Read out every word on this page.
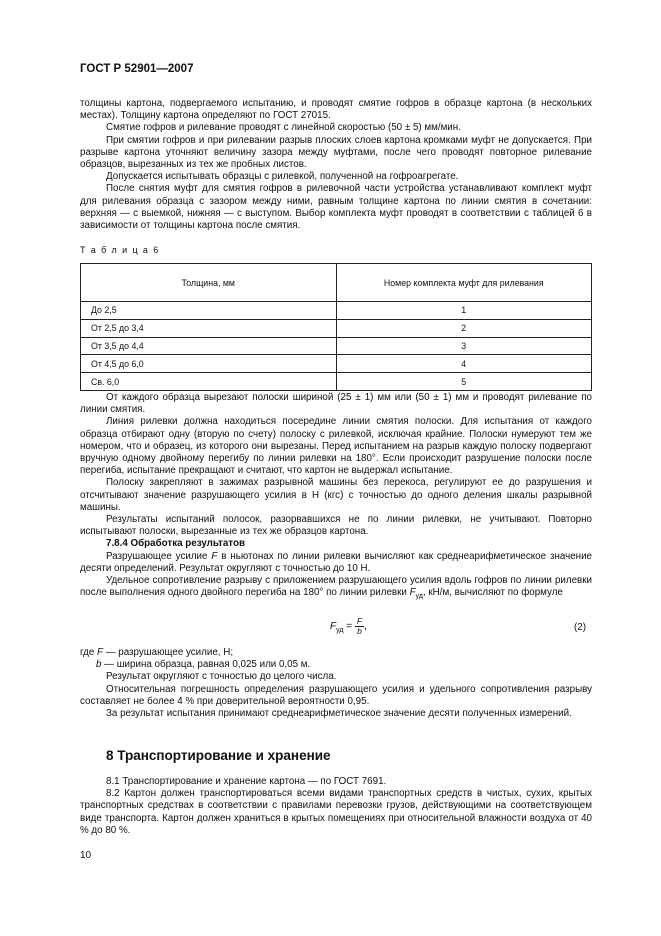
ГОСТ Р 52901—2007

толщины картона, подвергаемого испытанию, и проводят смятие гофров в образце картона (в нескольких местах). Толщину картона определяют по ГОСТ 27015.

Смятие гофров и рилевание проводят с линейной скоростью (50 ± 5) мм/мин.

При смятии гофров и при рилевании разрыв плоских слоев картона кромками муфт не допускается. При разрыве картона уточняют величину зазора между муфтами, после чего проводят повторное рилевание образцов, вырезанных из тех же пробных листов.

Допускается испытывать образцы с рилевкой, полученной на гофроагрегате.

После снятия муфт для смятия гофров в рилевочной части устройства устанавливают комплект муфт для рилевания образца с зазором между ними, равным толщине картона по линии смятия в сочетании: верхняя — с выемкой, нижняя — с выступом. Выбор комплекта муфт проводят в соответствии с таблицей 6 в зависимости от толщины картона после смятия.

Т а б л и ц а 6
Толщина, мм	Номер комплекта муфт для рилевания
До 2,5	1
От 2,5 до 3,4	2
От 3,5 до 4,4	3
От 4,5 до 6,0	4
Св. 6,0	5

От каждого образца вырезают полоски шириной (25 ± 1) мм или (50 ± 1) мм и проводят рилевание по линии смятия.

Линия рилевки должна находиться посередине линии смятия полоски. Для испытания от каждого образца отбирают одну (вторую по счету) полоску с рилевкой, исключая крайние. Полоски нумеруют тем же номером, что и образец, из которого они вырезаны. Перед испытанием на разрыв каждую полоску подвергают вручную одному двойному перегибу по линии рилевки на 180°. Если происходит разрушение полоски после перегиба, испытание прекращают и считают, что картон не выдержал испытание.

Полоску закрепляют в зажимах разрывной машины без перекоса, регулируют ее до разрушения и отсчитывают значение разрушающего усилия в Н (кгс) с точностью до одного деления шкалы разрывной машины.

Результаты испытаний полосок, разорвавшихся не по линии рилевки, не учитывают. Повторно испытывают полоски, вырезанные из тех же образцов картона.

7.8.4 Обработка результатов

Разрушающее усилие F в ньютонах по линии рилевки вычисляют как среднеарифметическое значение десяти определений. Результат округляют с точностью до 10 Н.

Удельное сопротивление разрыву с приложением разрушающего усилия вдоль гофров по линии рилевки после выполнения одного двойного перегиба на 180° по линии рилевки $F_{уд}$, кН/м, вычисляют по формуле

$F_{уд} = \frac{F}{b}$ ,	(2)

где F — разрушающее усилие, Н;

b — ширина образца, равная 0,025 или 0,05 м.

Результат округляют с точностью до целого числа.

Относительная погрешность определения разрушающего усилия и удельного сопротивления разрыву составляет не более 4 % при доверительной вероятности 0,95.

За результат испытания принимают среднеарифметическое значение десяти полученных измерений.

8 Транспортирование и хранение

8.1 Транспортирование и хранение картона — по ГОСТ 7691.

8.2 Картон должен транспортироваться всеми видами транспортных средств в чистых, сухих, крытых транспортных средствах в соответствии с правилами перевозки грузов, действующими на соответствующем виде транспорта. Картон должен храниться в крытых помещениях при относительной влажности воздуха от 40 % до 80 %.

10
